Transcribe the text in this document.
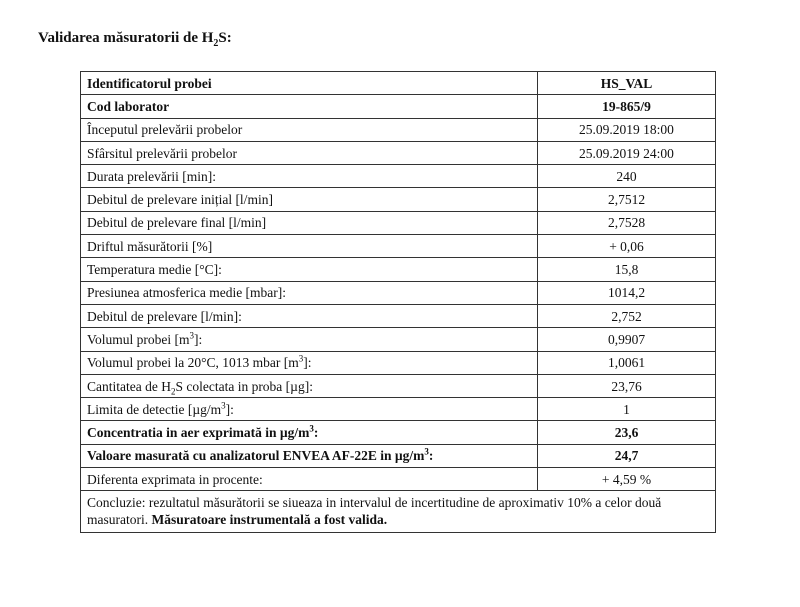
Validarea măsuratorii de $H_2S$:
Identificatorul probei	HS_VAL
Cod laborator	19-865/9
Începutul prelevării probelor	25.09.2019 18:00
Sfârsitul prelevării probelor	25.09.2019 24:00
Durata prelevării [min]:	240
Debitul de prelevare inițial [l/min]	2,7512
Debitul de prelevare final [l/min]	2,7528
Driftul măsurătorii [%]	+ 0,06
Temperatura medie [°C]:	15,8
Presiunea atmosferica medie [mbar]:	1014,2
Debitul de prelevare [l/min]:	2,752
Volumul probei $[m^3]$:	0,9907
Volumul probei la 20°C, 1013 mbar $[m^3]$:	1,0061
Cantitatea de $H_2S$ colectata in proba [µg]:	23,76
Limita de detectie $[\mu g/m^3]$:	1
Concentratia in aer exprimată in $\mu g/m^3$:	23,6
Valoare masurată cu analizatorul ENVEA AF-22E in $\mu g/m^3$:	24,7
Diferenta exprimata in procente:	+ 4,59 %
Concluzie: rezultatul măsurătorii se siueaza in intervalul de incertitudine de aproximativ 10% a celor două masuratori. Măsuratoare instrumentală a fost valida.	
